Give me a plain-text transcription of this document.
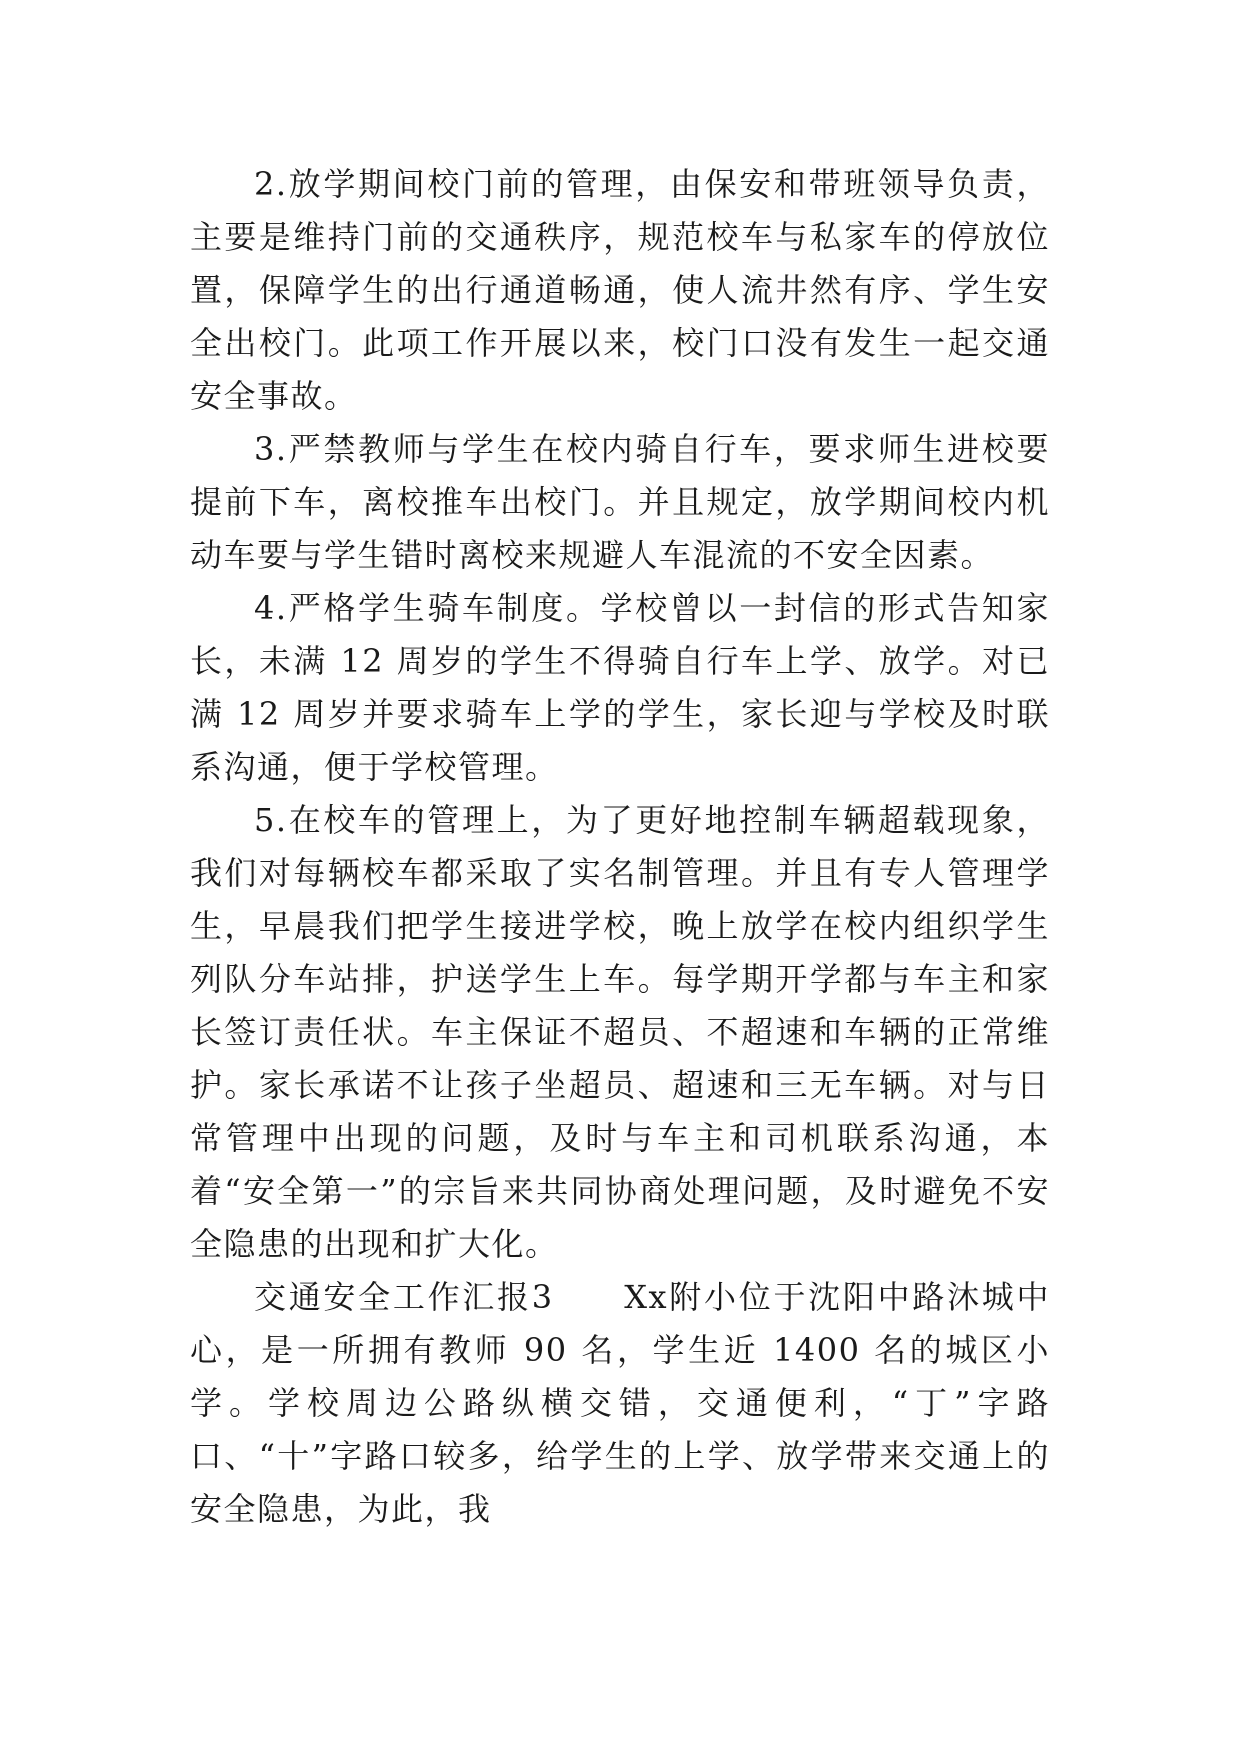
2.放学期间校门前的管理，由保安和带班领导负责，主要是维持门前的交通秩序，规范校车与私家车的停放位置，保障学生的出行通道畅通，使人流井然有序、学生安全出校门。此项工作开展以来，校门口没有发生一起交通安全事故。

3.严禁教师与学生在校内骑自行车，要求师生进校要提前下车，离校推车出校门。并且规定，放学期间校内机动车要与学生错时离校来规避人车混流的不安全因素。

4.严格学生骑车制度。学校曾以一封信的形式告知家长，未满 12 周岁的学生不得骑自行车上学、放学。对已满 12 周岁并要求骑车上学的学生，家长迎与学校及时联系沟通，便于学校管理。

5.在校车的管理上，为了更好地控制车辆超载现象，我们对每辆校车都采取了实名制管理。并且有专人管理学生，早晨我们把学生接进学校，晚上放学在校内组织学生列队分车站排，护送学生上车。每学期开学都与车主和家长签订责任状。车主保证不超员、不超速和车辆的正常维护。家长承诺不让孩子坐超员、超速和三无车辆。对与日常管理中出现的问题，及时与车主和司机联系沟通，本着“安全第一”的宗旨来共同协商处理问题，及时避免不安全隐患的出现和扩大化。

交通安全工作汇报3　　Xx附小位于沈阳中路沐城中心，是一所拥有教师 90 名，学生近 1400 名的城区小学。学校周边公路纵横交错，交通便利，“丁”字路口、“十”字路口较多，给学生的上学、放学带来交通上的安全隐患，为此，我
